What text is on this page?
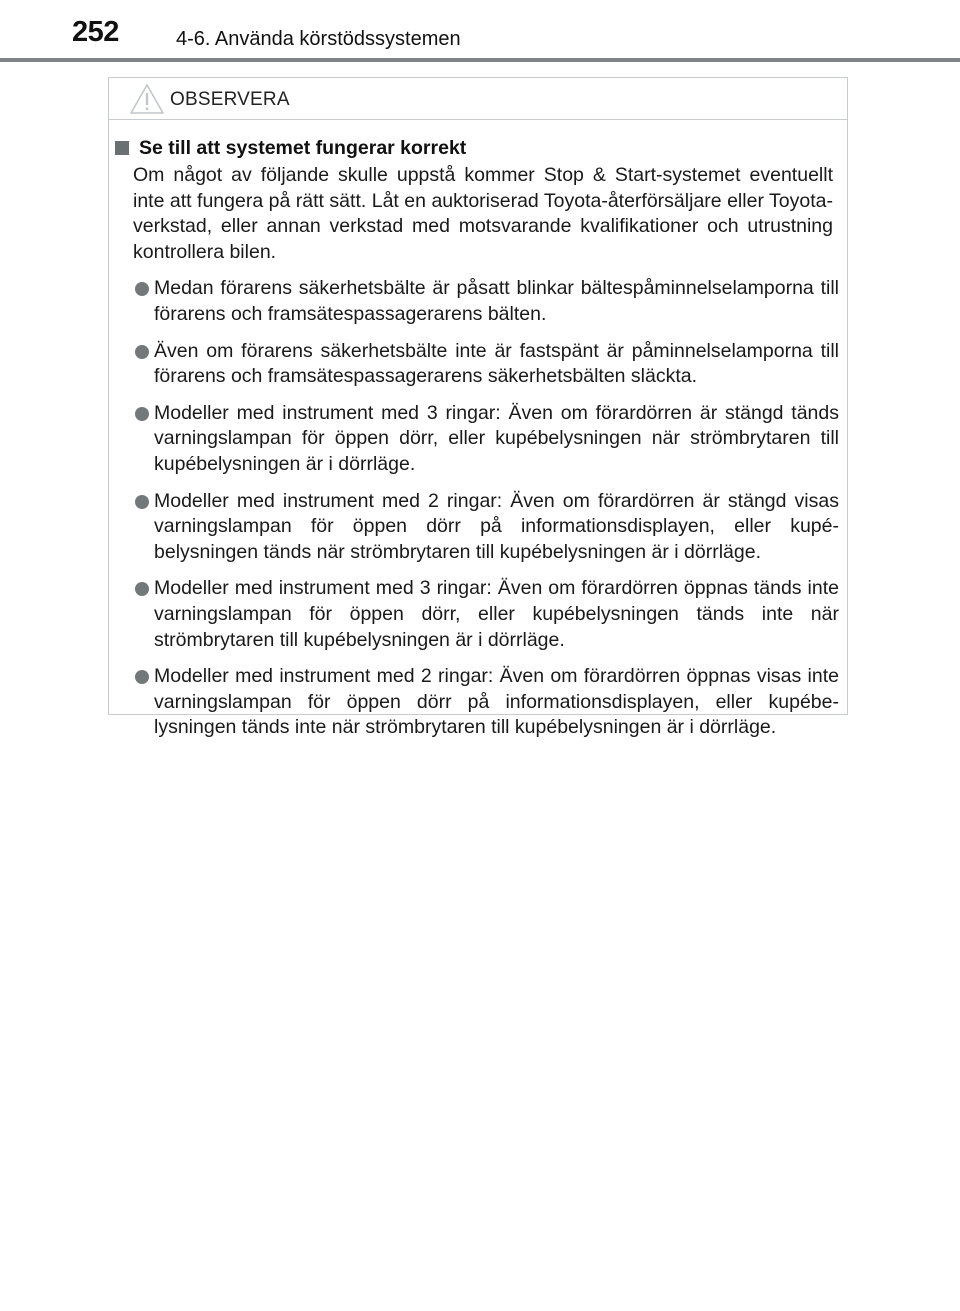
252	4-6. Använda körstödssystemen
OBSERVERA
Se till att systemet fungerar korrekt
Om något av följande skulle uppstå kommer Stop & Start-systemet eventuellt inte att fungera på rätt sätt. Låt en auktoriserad Toyota-återförsäljare eller Toyota-verkstad, eller annan verkstad med motsvarande kvalifikationer och utrustning kontrollera bilen.
Medan förarens säkerhetsbälte är påsatt blinkar bältespåminnelselamporna till förarens och framsätespassagerarens bälten.
Även om förarens säkerhetsbälte inte är fastspänt är påminnelselamporna till förarens och framsätespassagerarens säkerhetsbälten släckta.
Modeller med instrument med 3 ringar: Även om förardörren är stängd tänds varningslampan för öppen dörr, eller kupébelysningen när strömbrytaren till kupébelysningen är i dörrläge.
Modeller med instrument med 2 ringar: Även om förardörren är stängd visas varningslampan för öppen dörr på informationsdisplayen, eller kupé-belysningen tänds när strömbrytaren till kupébelysningen är i dörrläge.
Modeller med instrument med 3 ringar: Även om förardörren öppnas tänds inte varningslampan för öppen dörr, eller kupébelysningen tänds inte när strömbrytaren till kupébelysningen är i dörrläge.
Modeller med instrument med 2 ringar: Även om förardörren öppnas visas inte varningslampan för öppen dörr på informationsdisplayen, eller kupébe-lysningen tänds inte när strömbrytaren till kupébelysningen är i dörrläge.
